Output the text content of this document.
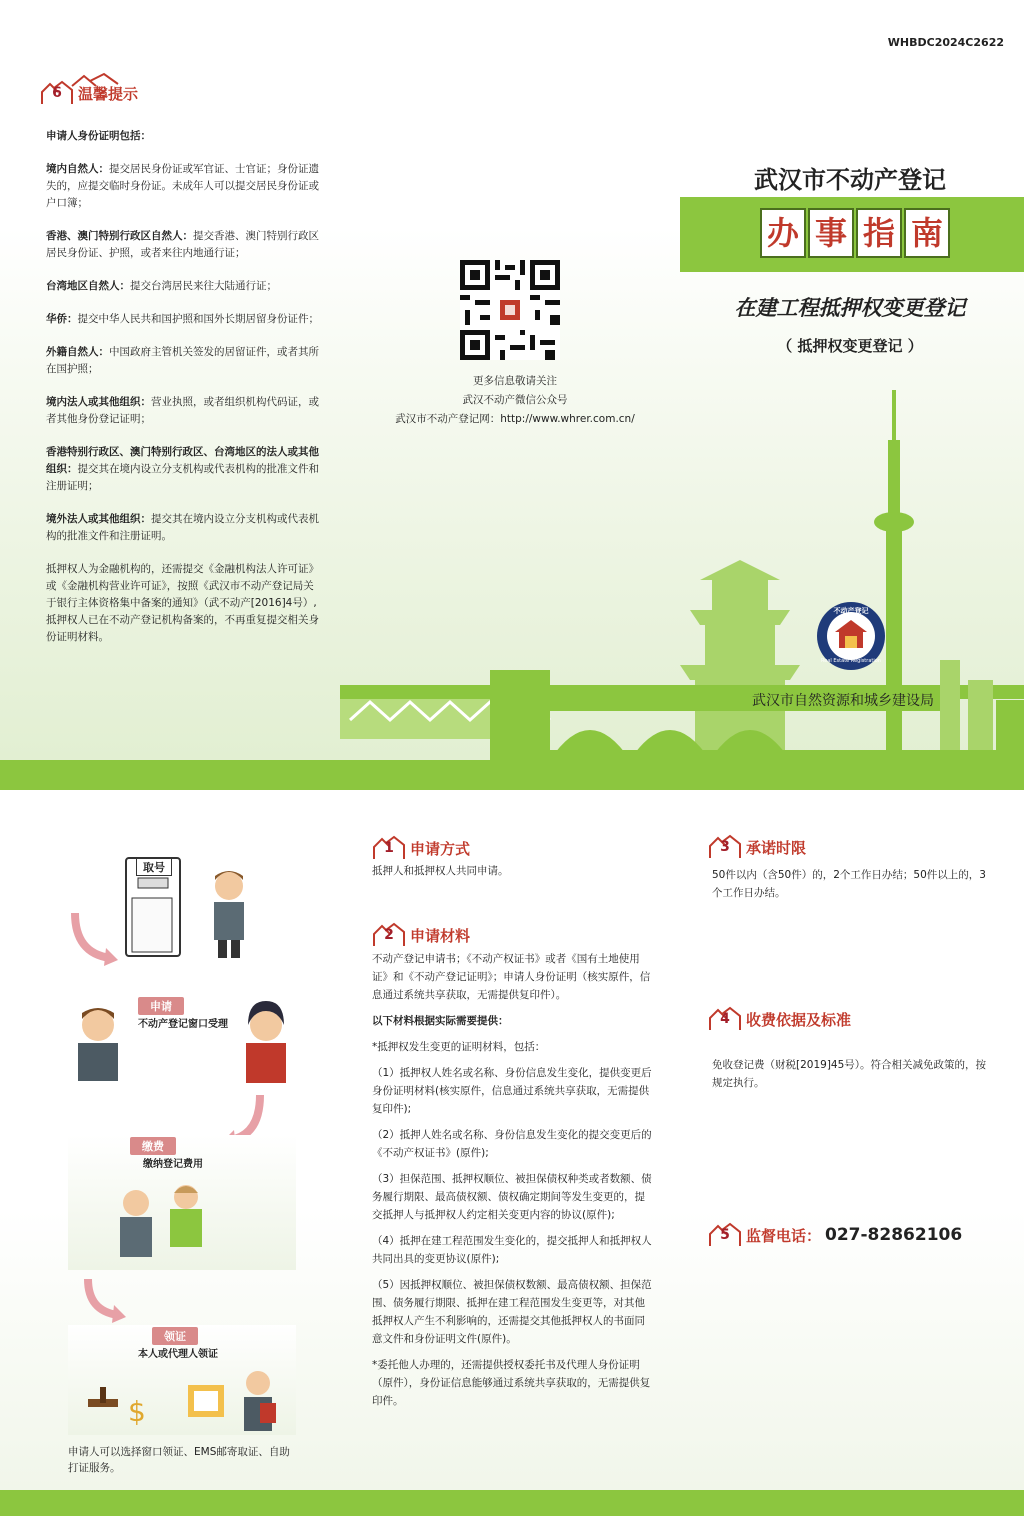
WHBDC2024C2622
6	温馨提示

申请人身份证明包括：

境内自然人：提交居民身份证或军官证、士官证；身份证遗失的，应提交临时身份证。未成年人可以提交居民身份证或户口簿；

香港、澳门特别行政区自然人：提交香港、澳门特别行政区居民身份证、护照，或者来往内地通行证；

台湾地区自然人：提交台湾居民来往大陆通行证；

华侨：提交中华人民共和国护照和国外长期居留身份证件；

外籍自然人：中国政府主管机关签发的居留证件，或者其所在国护照；

境内法人或其他组织：营业执照，或者组织机构代码证，或者其他身份登记证明；

香港特别行政区、澳门特别行政区、台湾地区的法人或其他组织：提交其在境内设立分支机构或代表机构的批准文件和注册证明；

境外法人或其他组织：提交其在境内设立分支机构或代表机构的批准文件和注册证明。

抵押权人为金融机构的，还需提交《金融机构法人许可证》或《金融机构营业许可证》，按照《武汉市不动产登记局关于银行主体资格集中备案的通知》（武不动产[2016]4号）,抵押权人已在不动产登记机构备案的，不再重复提交相关身份证明材料。

更多信息敬请关注
武汉不动产微信公众号
武汉市不动产登记网：http://www.whrer.com.cn/
武汉市不动产登记
办 事 指 南
在建工程抵押权变更登记
（ 抵押权变更登记 ）
不动产登记
Real Estate Registration
武汉市自然资源和城乡建设局
取号
申请
不动产登记窗口受理
缴费
缴纳登记费用
领证
本人或代理人领证
$
申请人可以选择窗口领证、EMS邮寄取证、自助打证服务。
1	申请方式
抵押人和抵押权人共同申请。
2	申请材料

不动产登记申请书；《不动产权证书》或者《国有土地使用证》和《不动产登记证明》；申请人身份证明（核实原件，信息通过系统共享获取，无需提供复印件）。

以下材料根据实际需要提供：

*抵押权发生变更的证明材料，包括：

（1）抵押权人姓名或名称、身份信息发生变化，提供变更后身份证明材料(核实原件，信息通过系统共享获取，无需提供复印件);

（2）抵押人姓名或名称、身份信息发生变化的提交变更后的《不动产权证书》(原件);

（3）担保范围、抵押权顺位、被担保债权种类或者数额、债务履行期限、最高债权额、债权确定期间等发生变更的，提交抵押人与抵押权人约定相关变更内容的协议(原件);

（4）抵押在建工程范围发生变化的，提交抵押人和抵押权人共同出具的变更协议(原件);

（5）因抵押权顺位、被担保债权数额、最高债权额、担保范围、债务履行期限、抵押在建工程范围发生变更等，对其他抵押权人产生不利影响的，还需提交其他抵押权人的书面同意文件和身份证明文件(原件)。

*委托他人办理的，还需提供授权委托书及代理人身份证明（原件），身份证信息能够通过系统共享获取的，无需提供复印件。

3	承诺时限
50件以内（含50件）的，2个工作日办结；50件以上的，3个工作日办结。
4	收费依据及标准
免收登记费（财税[2019]45号）。符合相关减免政策的，按规定执行。
5	监督电话： 027-82862106
